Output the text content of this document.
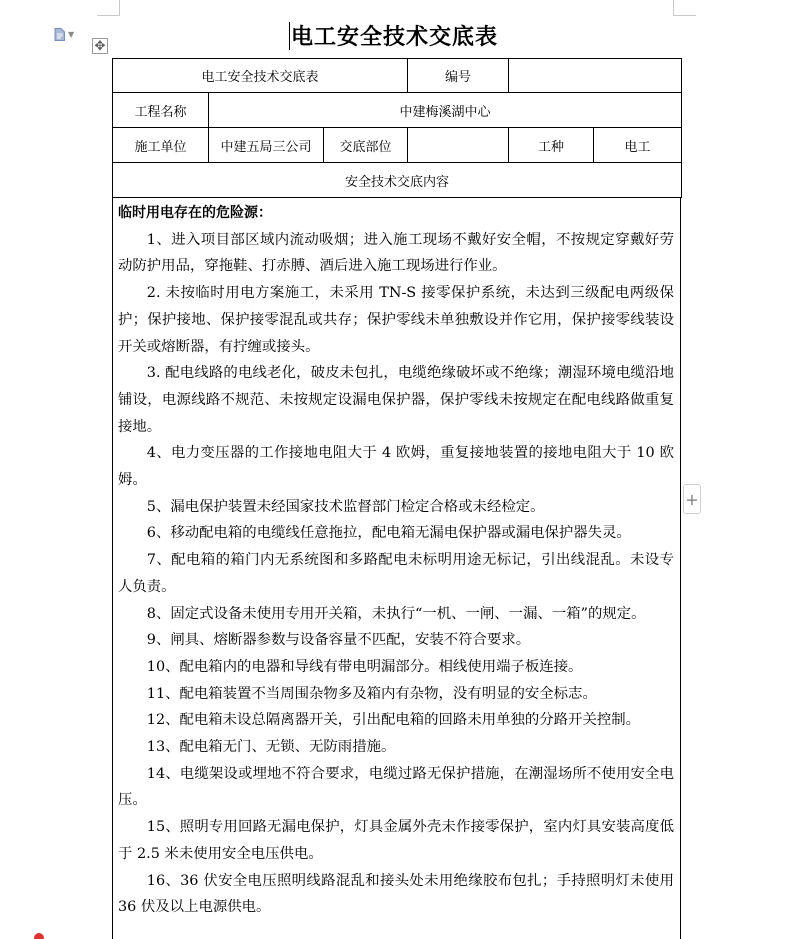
▼
✥	电工安全技术交底表
电工安全技术交底表			编号		
工程名称	中建梅溪湖中心				
施工单位	中建五局三公司	交底部位		工种	电工
安全技术交底内容					
临时用电存在的危险源：

1、进入项目部区域内流动吸烟；进入施工现场不戴好安全帽，不按规定穿戴好劳动防护用品，穿拖鞋、打赤膊、酒后进入施工现场进行作业。

2. 未按临时用电方案施工，未采用 TN-S 接零保护系统，未达到三级配电两级保护；保护接地、保护接零混乱或共存；保护零线未单独敷设并作它用，保护接零线装设开关或熔断器，有拧缠或接头。

3. 配电线路的电线老化，破皮未包扎，电缆绝缘破坏或不绝缘；潮湿环境电缆沿地铺设，电源线路不规范、未按规定设漏电保护器，保护零线未按规定在配电线路做重复接地。

4、电力变压器的工作接地电阻大于 4 欧姆，重复接地装置的接地电阻大于 10 欧姆。

5、漏电保护装置未经国家技术监督部门检定合格或未经检定。

6、移动配电箱的电缆线任意拖拉，配电箱无漏电保护器或漏电保护器失灵。

7、配电箱的箱门内无系统图和多路配电未标明用途无标记，引出线混乱。未设专人负责。

8、固定式设备未使用专用开关箱，未执行“一机、一闸、一漏、一箱”的规定。

9、闸具、熔断器参数与设备容量不匹配，安装不符合要求。

10、配电箱内的电器和导线有带电明漏部分。相线使用端子板连接。

11、配电箱装置不当周围杂物多及箱内有杂物，没有明显的安全标志。

12、配电箱未设总隔离器开关，引出配电箱的回路未用单独的分路开关控制。

13、配电箱无门、无锁、无防雨措施。

14、电缆架设或埋地不符合要求，电缆过路无保护措施，在潮湿场所不使用安全电压。

15、照明专用回路无漏电保护，灯具金属外壳未作接零保护，室内灯具安装高度低于 2.5 米未使用安全电压供电。

16、36 伏安全电压照明线路混乱和接头处未用绝缘胶布包扎；手持照明灯未使用 36 伏及以上电源供电。

+
